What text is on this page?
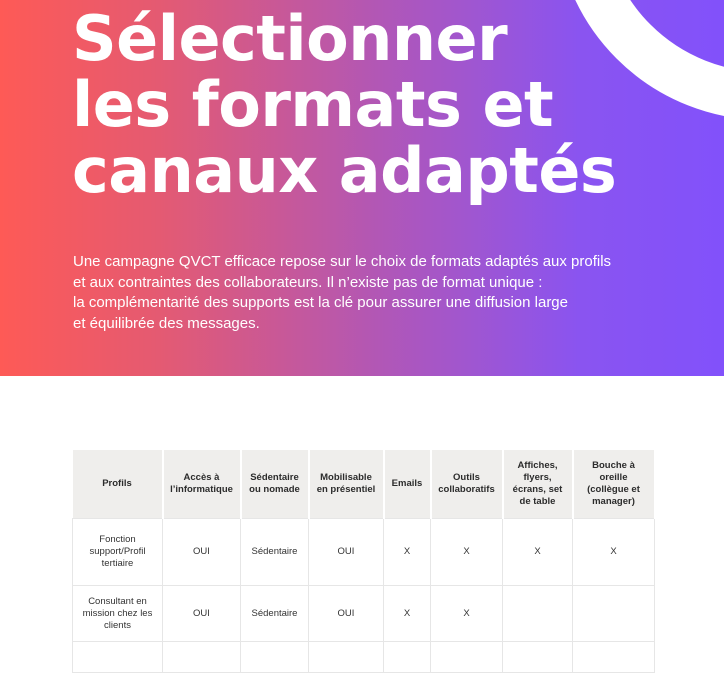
Sélectionner
les formats et
canaux adaptés

Une campagne QVCT efficace repose sur le choix de formats adaptés aux profils
et aux contraintes des collaborateurs. Il n’existe pas de format unique :
la complémentarité des supports est la clé pour assurer une diffusion large
et équilibrée des messages.

Profils	Accès à l’informatique	Sédentaire ou nomade	Mobilisable en présentiel	Emails	Outils collaboratifs	Affiches, flyers, écrans, set de table	Bouche à oreille (collègue et manager)
Fonction support/Profil tertiaire	OUI	Sédentaire	OUI	X	X	X	X
Consultant en mission chez les clients	OUI	Sédentaire	OUI	X	X		
